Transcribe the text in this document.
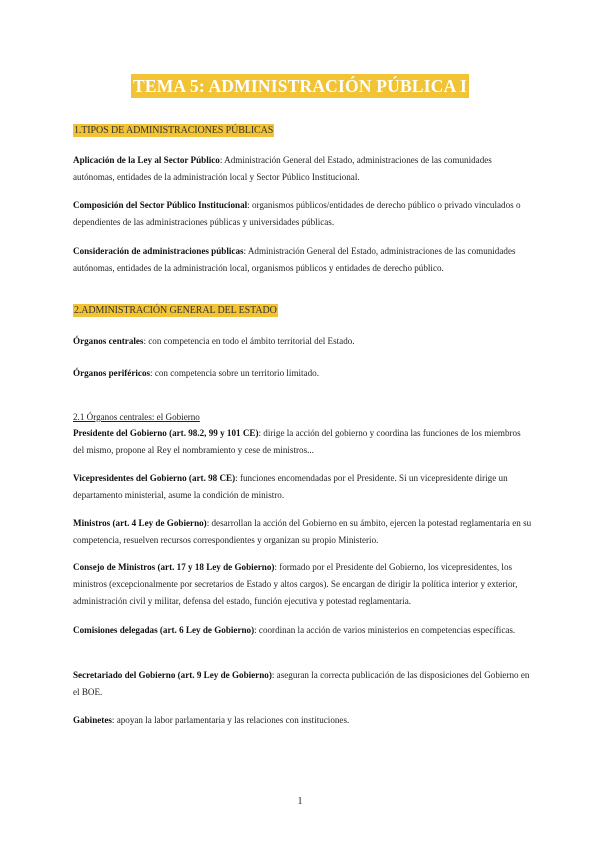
TEMA 5: ADMINISTRACIÓN PÚBLICA I
1.TIPOS DE ADMINISTRACIONES PÚBLICAS
Aplicación de la Ley al Sector Público: Administración General del Estado, administraciones de las comunidades autónomas, entidades de la administración local y Sector Público Institucional.
Composición del Sector Público Institucional: organismos públicos/entidades de derecho público o privado vinculados o dependientes de las administraciones públicas y universidades públicas.
Consideración de administraciones públicas: Administración General del Estado, administraciones de las comunidades autónomas, entidades de la administración local, organismos públicos y entidades de derecho público.
2.ADMINISTRACIÓN GENERAL DEL ESTADO
Órganos centrales: con competencia en todo el ámbito territorial del Estado.
Órganos periféricos: con competencia sobre un territorio limitado.
2.1 Órganos centrales: el Gobierno
Presidente del Gobierno (art. 98.2, 99 y 101 CE): dirige la acción del gobierno y coordina las funciones de los miembros del mismo, propone al Rey el nombramiento y cese de ministros...
Vicepresidentes del Gobierno (art. 98 CE): funciones encomendadas por el Presidente. Si un vicepresidente dirige un departamento ministerial, asume la condición de ministro.
Ministros (art. 4 Ley de Gobierno): desarrollan la acción del Gobierno en su ámbito, ejercen la potestad reglamentaria en su competencia, resuelven recursos correspondientes y organizan su propio Ministerio.
Consejo de Ministros (art. 17 y 18 Ley de Gobierno): formado por el Presidente del Gobierno, los vicepresidentes, los ministros (excepcionalmente por secretarios de Estado y altos cargos). Se encargan de dirigir la política interior y exterior, administración civil y militar, defensa del estado, función ejecutiva y potestad reglamentaria.
Comisiones delegadas (art. 6 Ley de Gobierno): coordinan la acción de varios ministerios en competencias específicas.
Secretariado del Gobierno (art. 9 Ley de Gobierno): aseguran la correcta publicación de las disposiciones del Gobierno en el BOE.
Gabinetes: apoyan la labor parlamentaria y las relaciones con instituciones.
1
